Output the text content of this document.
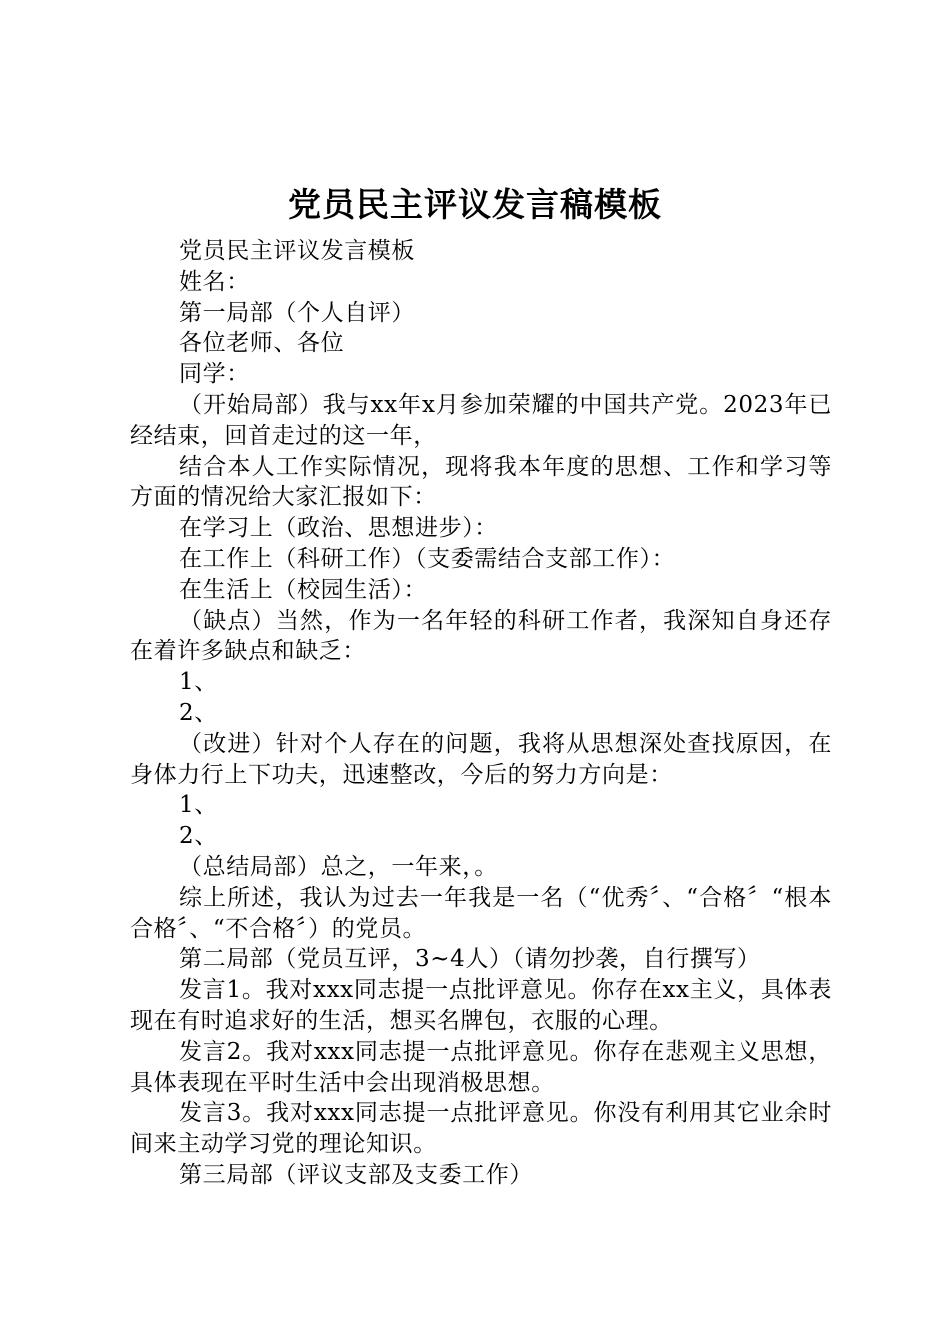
党员民主评议发言稿模板

党员民主评议发言模板

姓名：

第一局部（个人自评）

各位老师、各位

同学：

（开始局部）我与xx年x月参加荣耀的中国共产党。2023年已经结束，回首走过的这一年，

结合本人工作实际情况，现将我本年度的思想、工作和学习等方面的情况给大家汇报如下：

在学习上（政治、思想进步）：

在工作上（科研工作）（支委需结合支部工作）：

在生活上（校园生活）：

（缺点）当然，作为一名年轻的科研工作者，我深知自身还存在着许多缺点和缺乏：

1、

2、

（改进）针对个人存在的问题，我将从思想深处查找原因，在身体力行上下功夫，迅速整改，今后的努力方向是：

1、

2、

（总结局部）总之，一年来，。

综上所述，我认为过去一年我是一名（“优秀〞、“合格〞“根本合格〞、“不合格〞）的党员。

第二局部（党员互评，3~4人）（请勿抄袭，自行撰写）

发言1。我对xxx同志提一点批评意见。你存在xx主义，具体表现在有时追求好的生活，想买名牌包，衣服的心理。

发言2。我对xxx同志提一点批评意见。你存在悲观主义思想，具体表现在平时生活中会出现消极思想。

发言3。我对xxx同志提一点批评意见。你没有利用其它业余时间来主动学习党的理论知识。

第三局部（评议支部及支委工作）
